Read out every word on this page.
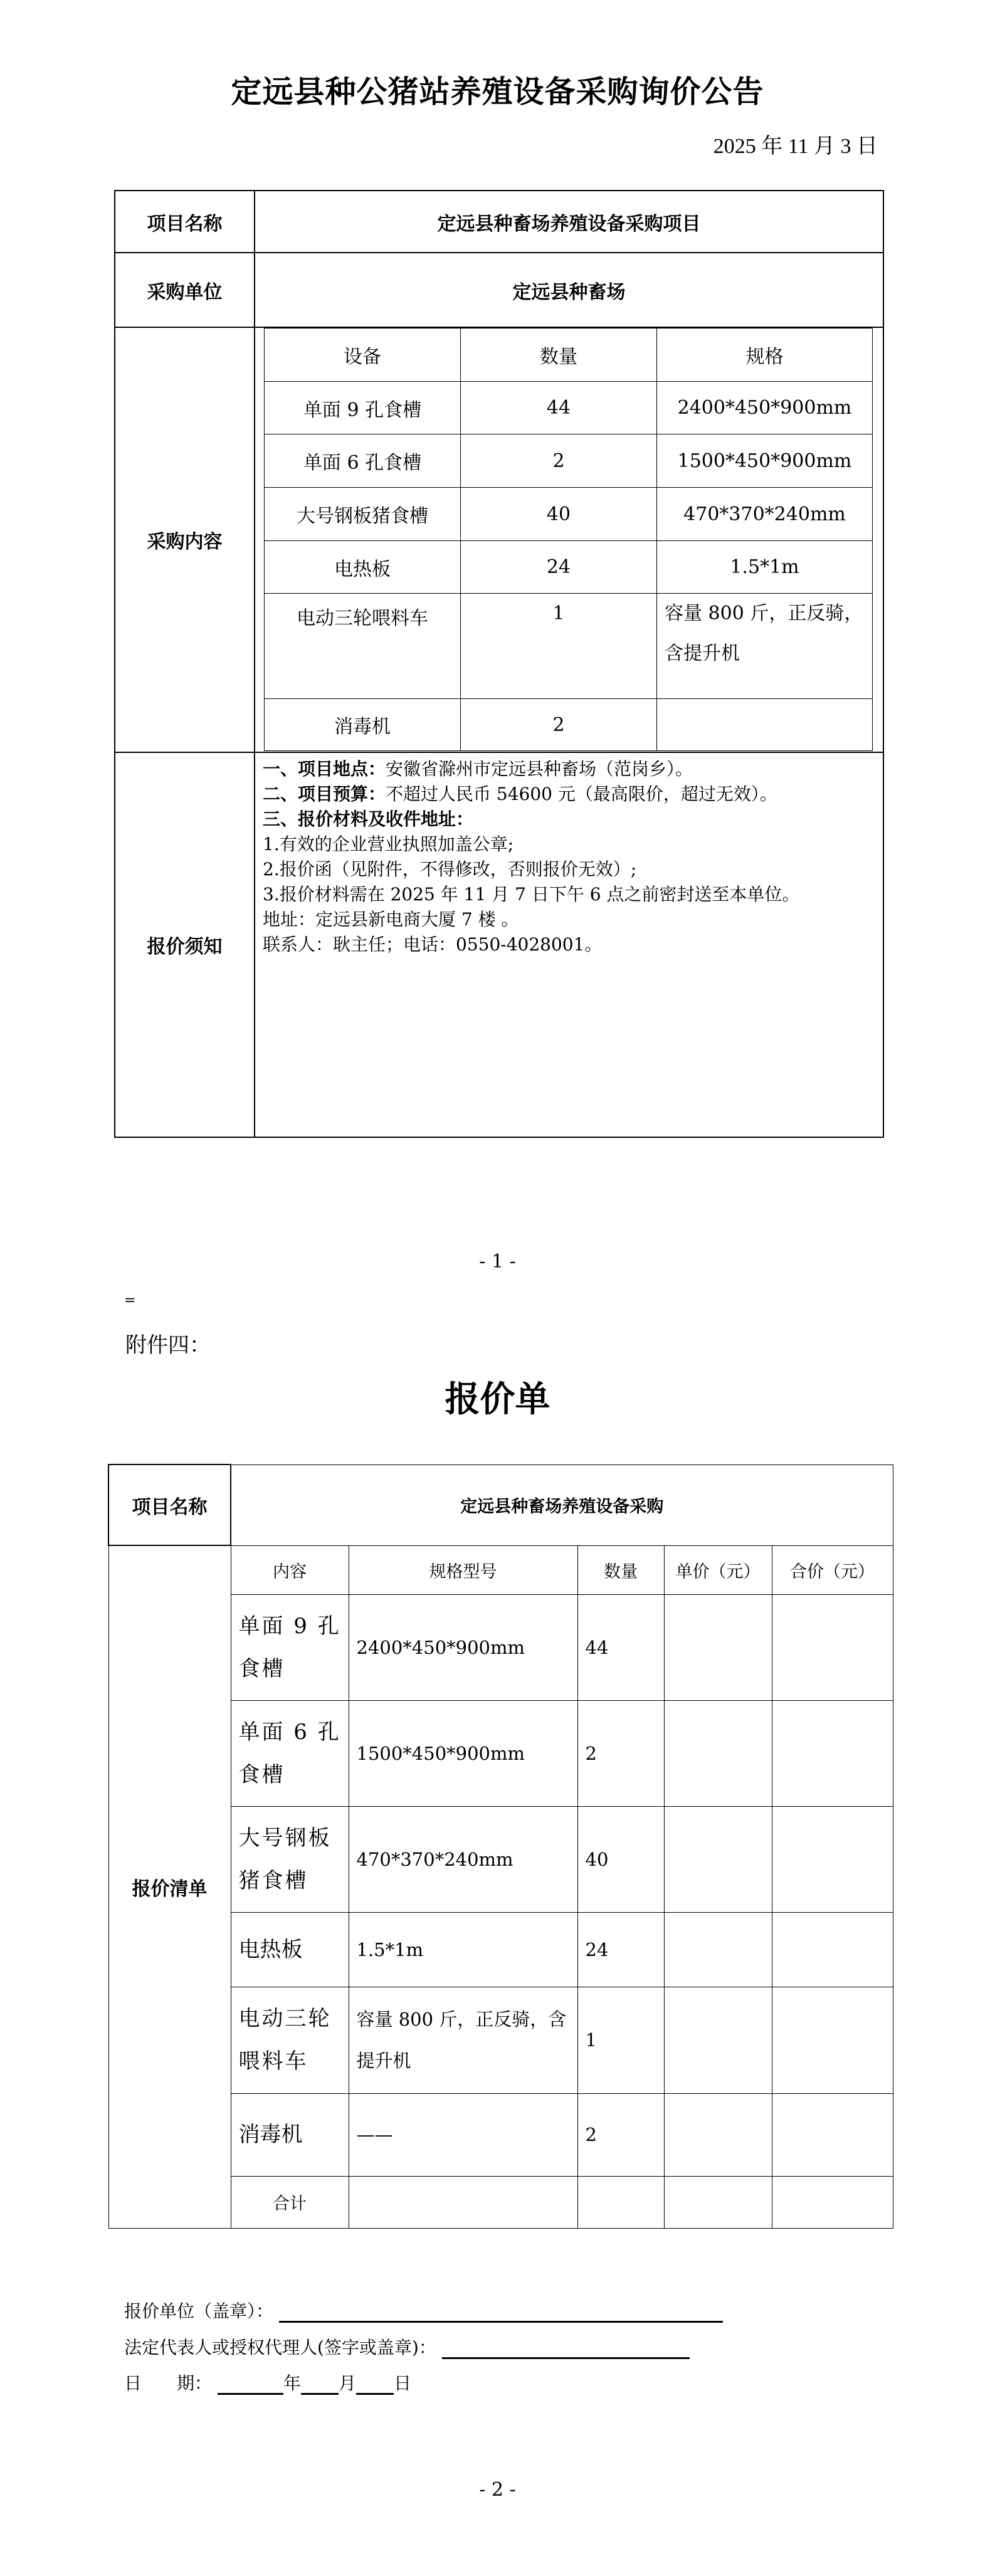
定远县种公猪站养殖设备采购询价公告
2025 年 11 月 3 日
项目名称	定远县种畜场养殖设备采购项目
采购单位	定远县种畜场
采购内容	
设备	数量	规格
单面 9 孔食槽	44	2400*450*900mm
单面 6 孔食槽	2	1500*450*900mm
大号钢板猪食槽	40	470*370*240mm
电热板	24	1.5*1m
电动三轮喂料车	1	容量 800 斤，正反骑，含提升机
消毒机	2	

报价须知	

一、项目地点：安徽省滁州市定远县种畜场（范岗乡）。

二、项目预算：不超过人民币 54600 元（最高限价，超过无效）。

三、报价材料及收件地址：

1.有效的企业营业执照加盖公章;

2.报价函（见附件，不得修改，否则报价无效）;

3.报价材料需在 2025 年 11 月 7 日下午 6 点之前密封送至本单位。

地址：定远县新电商大厦 7 楼 。

联系人：耿主任；电话：0550-4028001。

- 1 -
=
附件四：
报价单
项目名称	定远县种畜场养殖设备采购				
报价清单	内容	规格型号	数量	单价（元）	合价（元）
	单面 9 孔食槽	2400*450*900mm	44		
	单面 6 孔食槽	1500*450*900mm	2		
	大号钢板猪食槽	470*370*240mm	40		
	电热板	1.5*1m	24		
	电动三轮喂料车	容量 800 斤，正反骑，含提升机	1		
	消毒机	——	2		
	合计				
报价单位（盖章）：
法定代表人或授权代理人(签字或盖章)：
日　　期：	年 月 日
- 2 -
